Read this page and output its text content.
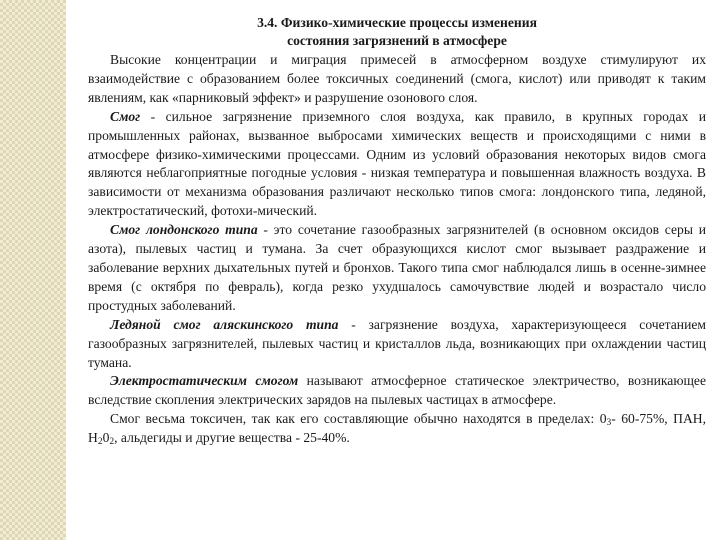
3.4. Физико-химические процессы изменения
состояния загрязнений в атмосфере

Высокие концентрации и миграция примесей в атмосферном воздухе стимулируют их взаимодействие с образованием более токсичных соединений (смога, кислот) или приводят к таким явлениям, как «парниковый эффект» и разрушение озонового слоя.

Смог - сильное загрязнение приземного слоя воздуха, как правило, в крупных городах и промышленных районах, вызванное выбросами химических веществ и происходящими с ними в атмосфере физико-химическими процессами. Одним из условий образования некоторых видов смога являются неблагоприятные погодные условия - низкая температура и повышенная влажность воздуха. В зависимости от механизма образования различают несколько типов смога: лондонского типа, ледяной, электростатический, фотохи-мический.

Смог лондонского типа - это сочетание газообразных загрязнителей (в основном оксидов серы и азота), пылевых частиц и тумана. За счет образующихся кислот смог вызывает раздражение и заболевание верхних дыхательных путей и бронхов. Такого типа смог наблюдался лишь в осенне-зимнее время (с октября по февраль), когда резко ухудшалось самочувствие людей и возрастало число простудных заболеваний.

Ледяной смог аляскинского типа - загрязнение воздуха, характеризующееся сочетанием газообразных загрязнителей, пылевых частиц и кристаллов льда, возникающих при охлаждении частиц тумана.

Электростатическим смогом называют атмосферное статическое электричество, возникающее вследствие скопления электрических зарядов на пылевых частицах в атмосфере.

Смог весьма токсичен, так как его составляющие обычно находятся в пределах: $0_3-$ 60-75%, ПАН, $Н_20_2$, альдегиды и другие вещества - 25-40%.
